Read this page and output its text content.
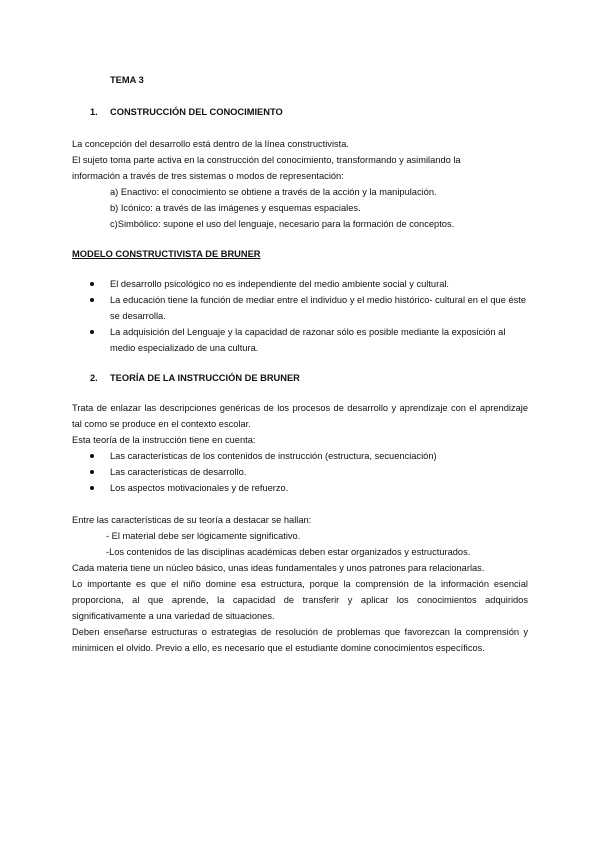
TEMA 3
1. CONSTRUCCIÓN DEL CONOCIMIENTO

La concepción del desarrollo está dentro de la línea constructivista.

El sujeto toma parte activa en la construcción del conocimiento, transformando y asimilando la

información a través de tres sistemas o modos de representación:

a) Enactivo: el conocimiento se obtiene a través de la acción y la manipulación.

b) Icónico: a través de las imágenes y esquemas espaciales.

c)Simbólico: supone el uso del lenguaje, necesario para la formación de conceptos.

MODELO CONSTRUCTIVISTA DE BRUNER

El desarrollo psicológico no es independiente del medio ambiente social y cultural.
La educación tiene la función de mediar entre el individuo y el medio histórico- cultural en el que éste se desarrolla.
La adquisición del Lenguaje y la capacidad de razonar sólo es posible mediante la exposición al medio especializado de una cultura.
2. TEORÍA DE LA INSTRUCCIÓN DE BRUNER

Trata de enlazar las descripciones genéricas de los procesos de desarrollo y aprendizaje con el aprendizaje tal como se produce en el contexto escolar.

Esta teoría de la instrucción tiene en cuenta:

Las características de los contenidos de instrucción (estructura, secuenciación)
Las características de desarrollo.
Los aspectos motivacionales y de refuerzo.

Entre las características de su teoría a destacar se hallan:

- El material debe ser lógicamente significativo.

-Los contenidos de las disciplinas académicas deben estar organizados y estructurados.

Cada materia tiene un núcleo básico, unas ideas fundamentales y unos patrones para relacionarlas.

Lo importante es que el niño domine esa estructura, porque la comprensión de la información esencial proporciona, al que aprende, la capacidad de transferir y aplicar los conocimientos adquiridos significativamente a una variedad de situaciones.

Deben enseñarse estructuras o estrategias de resolución de problemas que favorezcan la comprensión y minimicen el olvido. Previo a ello, es necesario que el estudiante domine conocimientos específicos.
